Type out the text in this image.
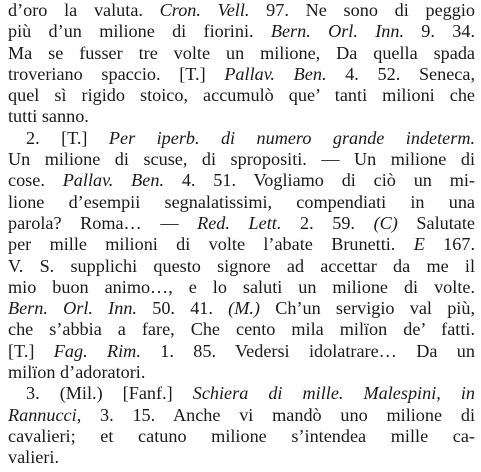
d’oro la valuta. Cron. Vell. 97. Ne sono di peggio
più d’un milione di fiorini. Bern. Orl. Inn. 9. 34.
Ma se fusser tre volte un milione, Da quella spada
troveriano spaccio. [T.] Pallav. Ben. 4. 52. Seneca,
quel sì rigido stoico, accumulò que’ tanti milioni che
tutti sanno.
2. [T.] Per iperb. di numero grande indeterm.
Un milione di scuse, di spropositi. — Un milione di
cose. Pallav. Ben. 4. 51. Vogliamo di ciò un mi-
lione d’esempii segnalatissimi, compendiati in una
parola? Roma… — Red. Lett. 2. 59. (C) Salutate
per mille milioni di volte l’abate Brunetti. E 167.
V. S. supplichi questo signore ad accettar da me il
mio buon animo…, e lo saluti un milione di volte.
Bern. Orl. Inn. 50. 41. (M.) Ch’un servigio val più,
che s’abbia a fare, Che cento mila milïon de’ fatti.
[T.] Fag. Rim. 1. 85. Vedersi idolatrare… Da un
milïon d’adoratori.
3. (Mil.) [Fanf.] Schiera di mille. Malespini, in
Rannucci, 3. 15. Anche vi mandò uno milione di
cavalieri; et catuno milione s’intendea mille ca-
valieri.
